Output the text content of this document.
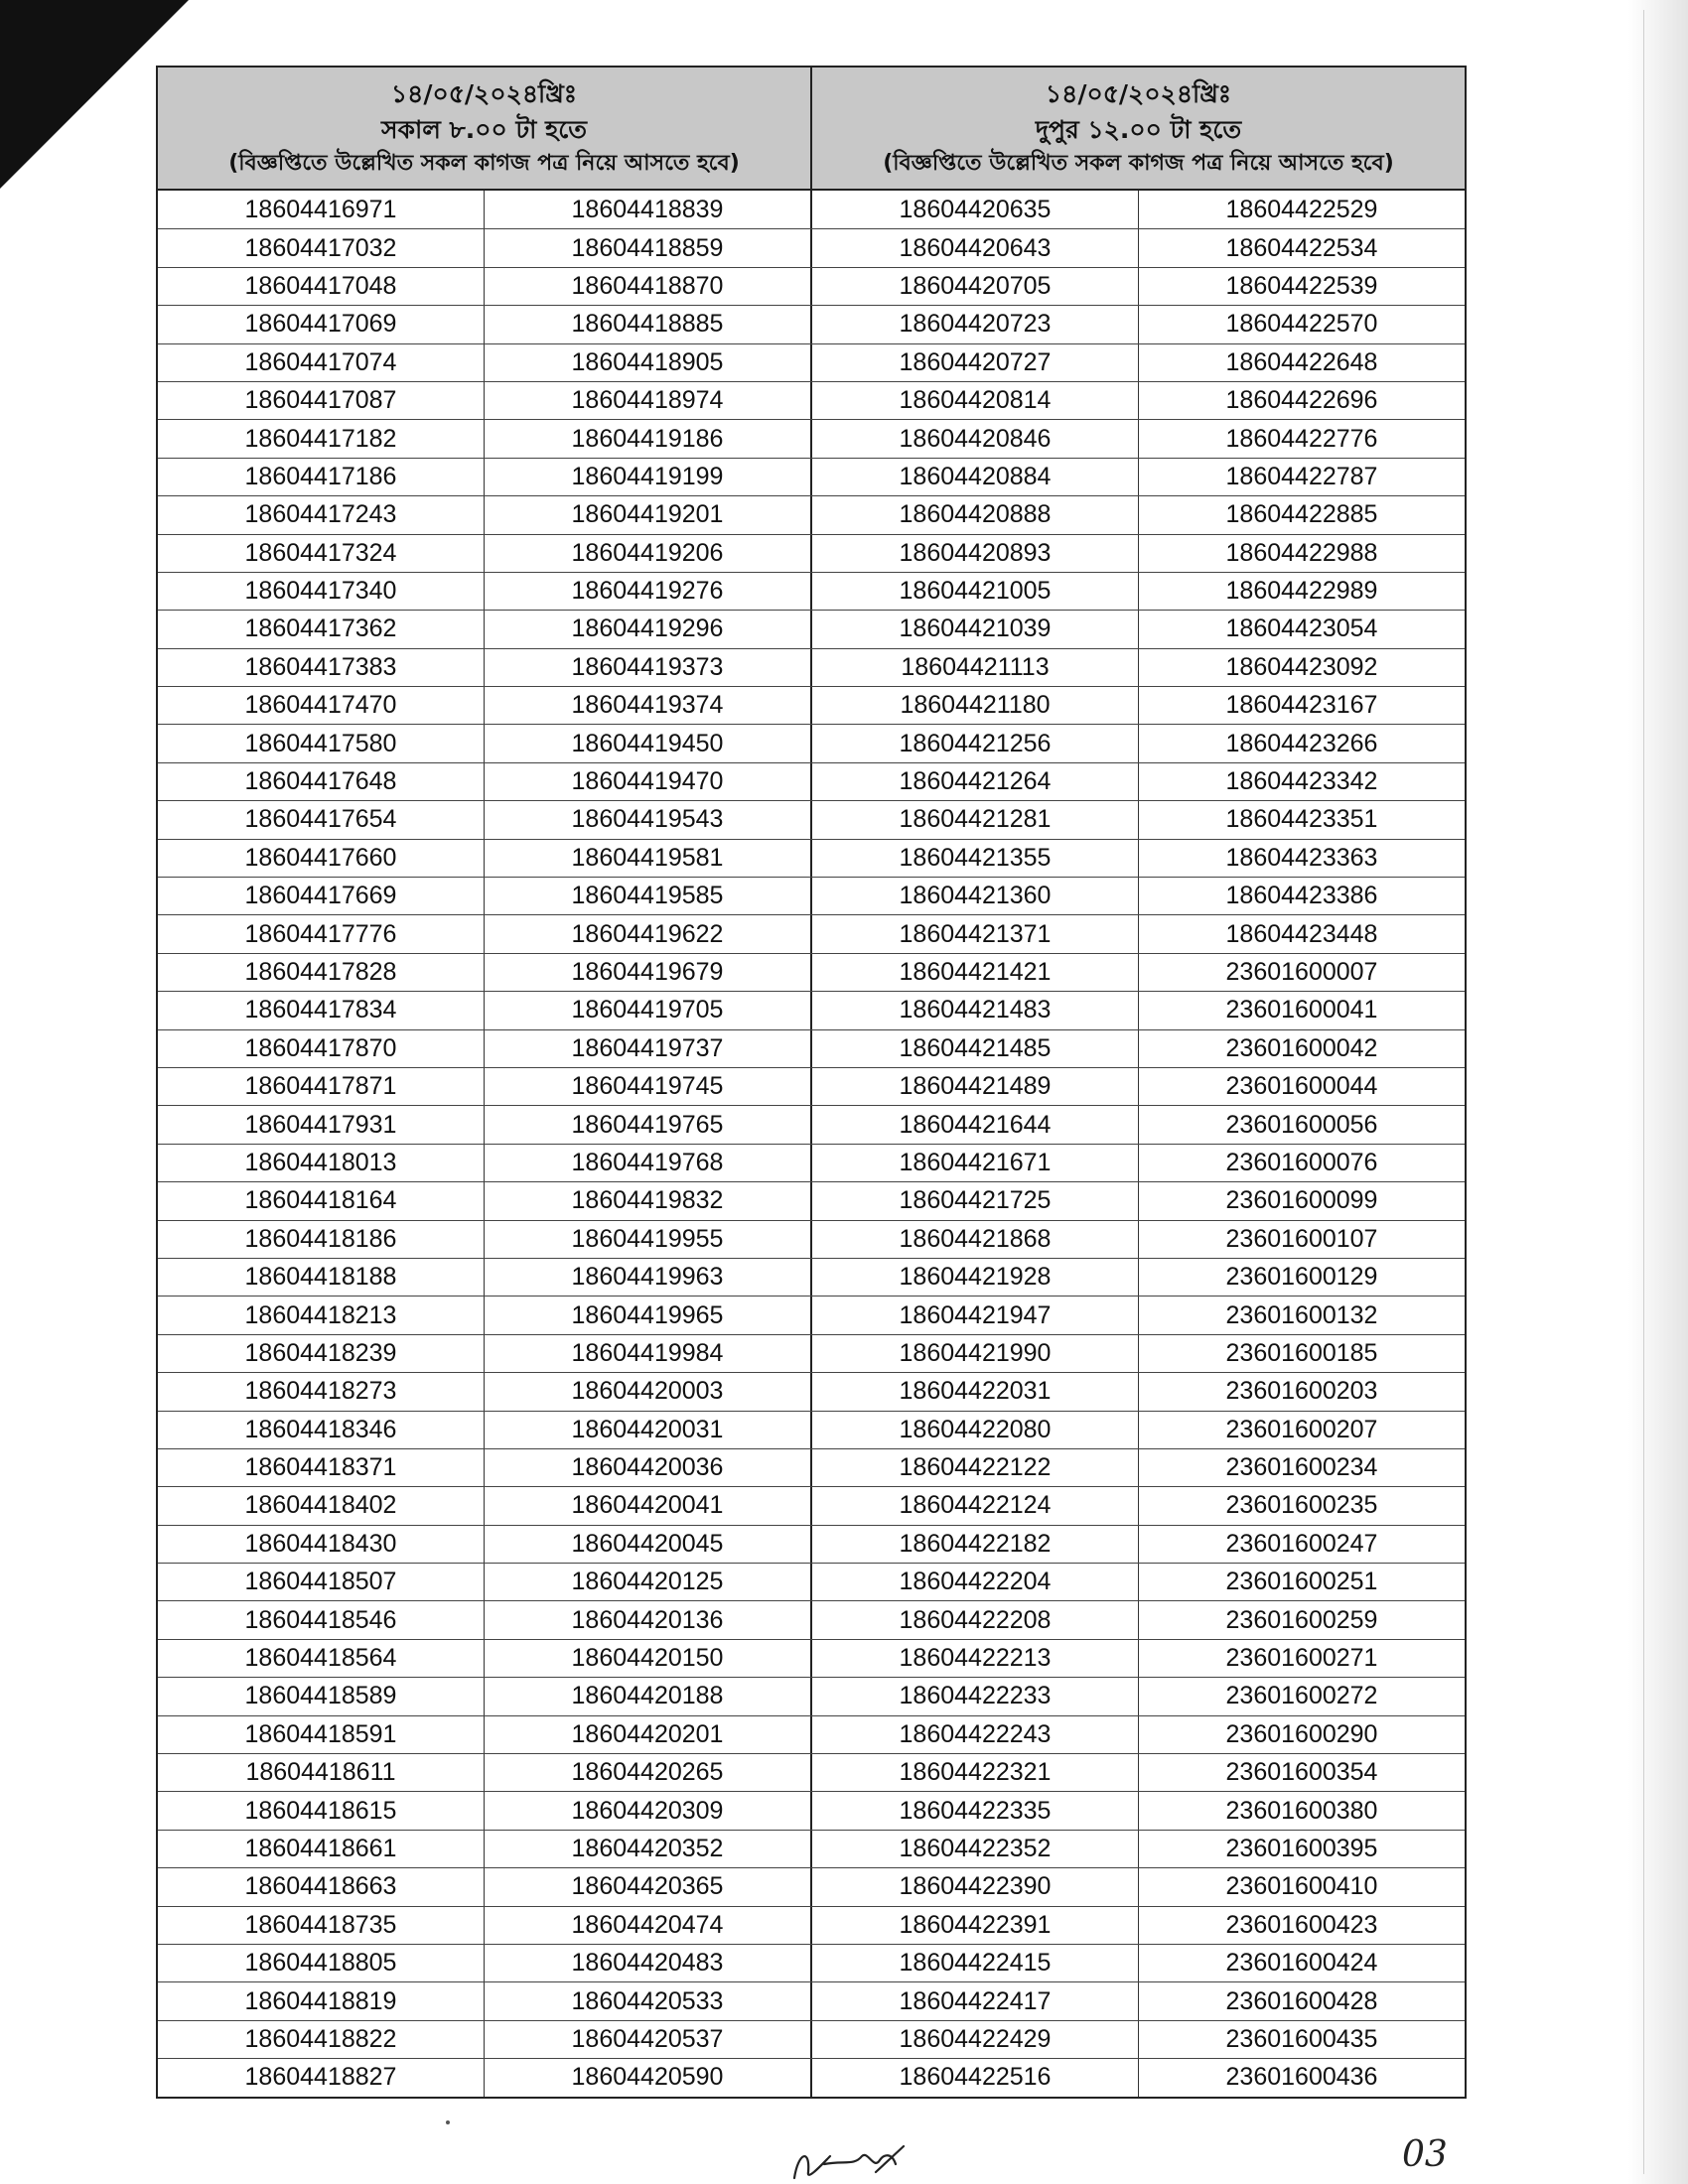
১৪/০৫/২০২৪খ্রিঃ
সকাল ৮.০০ টা হতে
(বিজ্ঞপ্তিতে উল্লেখিত সকল কাগজ পত্র নিয়ে আসতে হবে)
১৪/০৫/২০২৪খ্রিঃ
দুপুর ১২.০০ টা হতে
(বিজ্ঞপ্তিতে উল্লেখিত সকল কাগজ পত্র নিয়ে আসতে হবে)
18604416971	18604418839	18604420635	18604422529
18604417032	18604418859	18604420643	18604422534
18604417048	18604418870	18604420705	18604422539
18604417069	18604418885	18604420723	18604422570
18604417074	18604418905	18604420727	18604422648
18604417087	18604418974	18604420814	18604422696
18604417182	18604419186	18604420846	18604422776
18604417186	18604419199	18604420884	18604422787
18604417243	18604419201	18604420888	18604422885
18604417324	18604419206	18604420893	18604422988
18604417340	18604419276	18604421005	18604422989
18604417362	18604419296	18604421039	18604423054
18604417383	18604419373	18604421113	18604423092
18604417470	18604419374	18604421180	18604423167
18604417580	18604419450	18604421256	18604423266
18604417648	18604419470	18604421264	18604423342
18604417654	18604419543	18604421281	18604423351
18604417660	18604419581	18604421355	18604423363
18604417669	18604419585	18604421360	18604423386
18604417776	18604419622	18604421371	18604423448
18604417828	18604419679	18604421421	23601600007
18604417834	18604419705	18604421483	23601600041
18604417870	18604419737	18604421485	23601600042
18604417871	18604419745	18604421489	23601600044
18604417931	18604419765	18604421644	23601600056
18604418013	18604419768	18604421671	23601600076
18604418164	18604419832	18604421725	23601600099
18604418186	18604419955	18604421868	23601600107
18604418188	18604419963	18604421928	23601600129
18604418213	18604419965	18604421947	23601600132
18604418239	18604419984	18604421990	23601600185
18604418273	18604420003	18604422031	23601600203
18604418346	18604420031	18604422080	23601600207
18604418371	18604420036	18604422122	23601600234
18604418402	18604420041	18604422124	23601600235
18604418430	18604420045	18604422182	23601600247
18604418507	18604420125	18604422204	23601600251
18604418546	18604420136	18604422208	23601600259
18604418564	18604420150	18604422213	23601600271
18604418589	18604420188	18604422233	23601600272
18604418591	18604420201	18604422243	23601600290
18604418611	18604420265	18604422321	23601600354
18604418615	18604420309	18604422335	23601600380
18604418661	18604420352	18604422352	23601600395
18604418663	18604420365	18604422390	23601600410
18604418735	18604420474	18604422391	23601600423
18604418805	18604420483	18604422415	23601600424
18604418819	18604420533	18604422417	23601600428
18604418822	18604420537	18604422429	23601600435
18604418827	18604420590	18604422516	23601600436
03
